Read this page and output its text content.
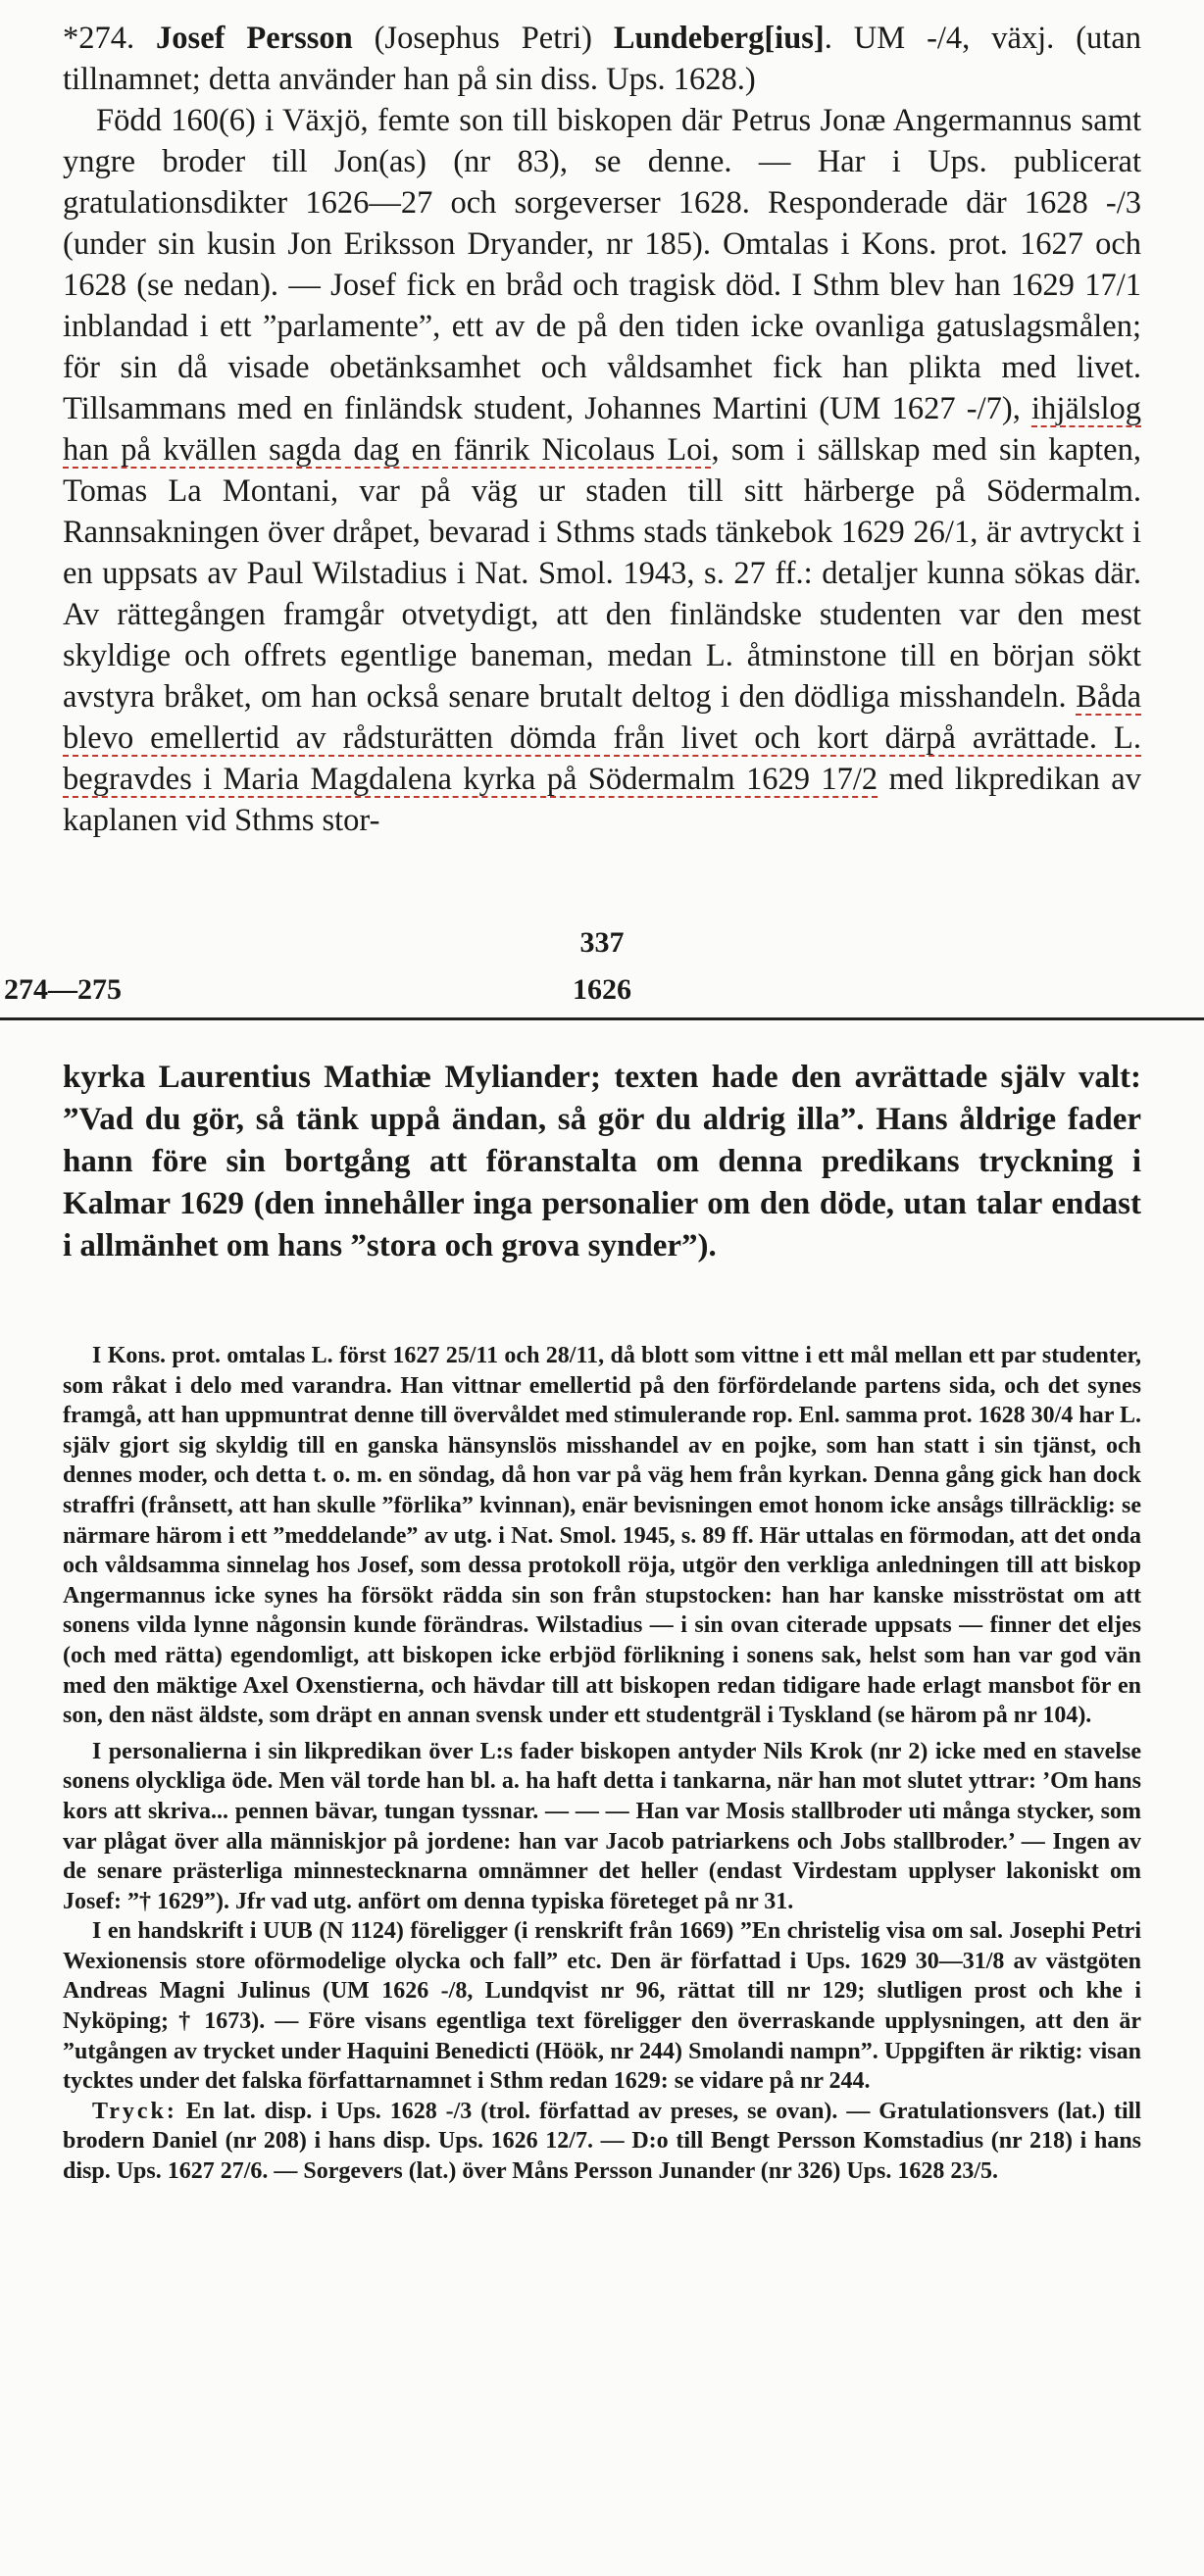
*274. Josef Persson (Josephus Petri) Lundeberg[ius]. UM -/4, växj. (utan tillnamnet; detta använder han på sin diss. Ups. 1628.)
Född 160(6) i Växjö, femte son till biskopen där Petrus Jonæ Angermannus samt yngre broder till Jon(as) (nr 83), se denne. — Har i Ups. publicerat gratulationsdikter 1626—27 och sorgeverser 1628. Responderade där 1628 -/3 (under sin kusin Jon Eriksson Dryander, nr 185). Omtalas i Kons. prot. 1627 och 1628 (se nedan). — Josef fick en bråd och tragisk död. I Sthm blev han 1629 17/1 inblandad i ett ”parlamente”, ett av de på den tiden icke ovanliga gatuslagsmålen; för sin då visade obetänksamhet och våldsamhet fick han plikta med livet. Tillsammans med en finländsk student, Johannes Martini (UM 1627 -/7), ihjälslog han på kvällen sagda dag en fänrik Nicolaus Loi, som i sällskap med sin kapten, Tomas La Montani, var på väg ur staden till sitt härberge på Södermalm. Rannsakningen över dråpet, bevarad i Sthms stads tänkebok 1629 26/1, är avtryckt i en uppsats av Paul Wilstadius i Nat. Smol. 1943, s. 27 ff.: detaljer kunna sökas där. Av rättegången framgår otvetydigt, att den finländske studenten var den mest skyldige och offrets egentlige baneman, medan L. åtminstone till en början sökt avstyra bråket, om han också senare brutalt deltog i den dödliga misshandeln. Båda blevo emellertid av rådsturätten dömda från livet och kort därpå avrättade. L. begravdes i Maria Magdalena kyrka på Södermalm 1629 17/2 med likpredikan av kaplanen vid Sthms stor-

337
274—275	1626

kyrka Laurentius Mathiæ Myliander; texten hade den avrättade själv valt: ”Vad du gör, så tänk uppå ändan, så gör du aldrig illa”. Hans åldrige fader hann före sin bortgång att föranstalta om denna predikans tryckning i Kalmar 1629 (den innehåller inga personalier om den döde, utan talar endast i allmänhet om hans ”stora och grova synder”).

I Kons. prot. omtalas L. först 1627 25/11 och 28/11, då blott som vittne i ett mål mellan ett par studenter, som råkat i delo med varandra. Han vittnar emellertid på den förfördelande partens sida, och det synes framgå, att han uppmuntrat denne till övervåldet med stimulerande rop. Enl. samma prot. 1628 30/4 har L. själv gjort sig skyldig till en ganska hänsynslös misshandel av en pojke, som han statt i sin tjänst, och dennes moder, och detta t. o. m. en söndag, då hon var på väg hem från kyrkan. Denna gång gick han dock straffri (frånsett, att han skulle ”förlika” kvinnan), enär bevisningen emot honom icke ansågs tillräcklig: se närmare härom i ett ”meddelande” av utg. i Nat. Smol. 1945, s. 89 ff. Här uttalas en förmodan, att det onda och våldsamma sinnelag hos Josef, som dessa protokoll röja, utgör den verkliga anledningen till att biskop Angermannus icke synes ha försökt rädda sin son från stupstocken: han har kanske misströstat om att sonens vilda lynne någonsin kunde förändras. Wilstadius — i sin ovan citerade uppsats — finner det eljes (och med rätta) egendomligt, att biskopen icke erbjöd förlikning i sonens sak, helst som han var god vän med den mäktige Axel Oxenstierna, och hävdar till att biskopen redan tidigare hade erlagt mansbot för en son, den näst äldste, som dräpt en annan svensk under ett studentgräl i Tyskland (se härom på nr 104).

I personalierna i sin likpredikan över L:s fader biskopen antyder Nils Krok (nr 2) icke med en stavelse sonens olyckliga öde. Men väl torde han bl. a. ha haft detta i tankarna, när han mot slutet yttrar: ’Om hans kors att skriva... pennen bävar, tungan tyssnar. — — — Han var Mosis stallbroder uti många stycker, som var plågat över alla människjor på jordene: han var Jacob patriarkens och Jobs stallbroder.’ — Ingen av de senare prästerliga minnestecknarna omnämner det heller (endast Virdestam upplyser lakoniskt om Josef: ”† 1629”). Jfr vad utg. anfört om denna typiska företeget på nr 31.

I en handskrift i UUB (N 1124) föreligger (i renskrift från 1669) ”En christelig visa om sal. Josephi Petri Wexionensis store oförmodelige olycka och fall” etc. Den är författad i Ups. 1629 30—31/8 av västgöten Andreas Magni Julinus (UM 1626 -/8, Lundqvist nr 96, rättat till nr 129; slutligen prost och khe i Nyköping; † 1673). — Före visans egentliga text föreligger den överraskande upplysningen, att den är ”utgången av trycket under Haquini Benedicti (Höök, nr 244) Smolandi nampn”. Uppgiften är riktig: visan tycktes under det falska författarnamnet i Sthm redan 1629: se vidare på nr 244.

Tryck: En lat. disp. i Ups. 1628 -/3 (trol. författad av preses, se ovan). — Gratulationsvers (lat.) till brodern Daniel (nr 208) i hans disp. Ups. 1626 12/7. — D:o till Bengt Persson Komstadius (nr 218) i hans disp. Ups. 1627 27/6. — Sorgevers (lat.) över Måns Persson Junander (nr 326) Ups. 1628 23/5.
